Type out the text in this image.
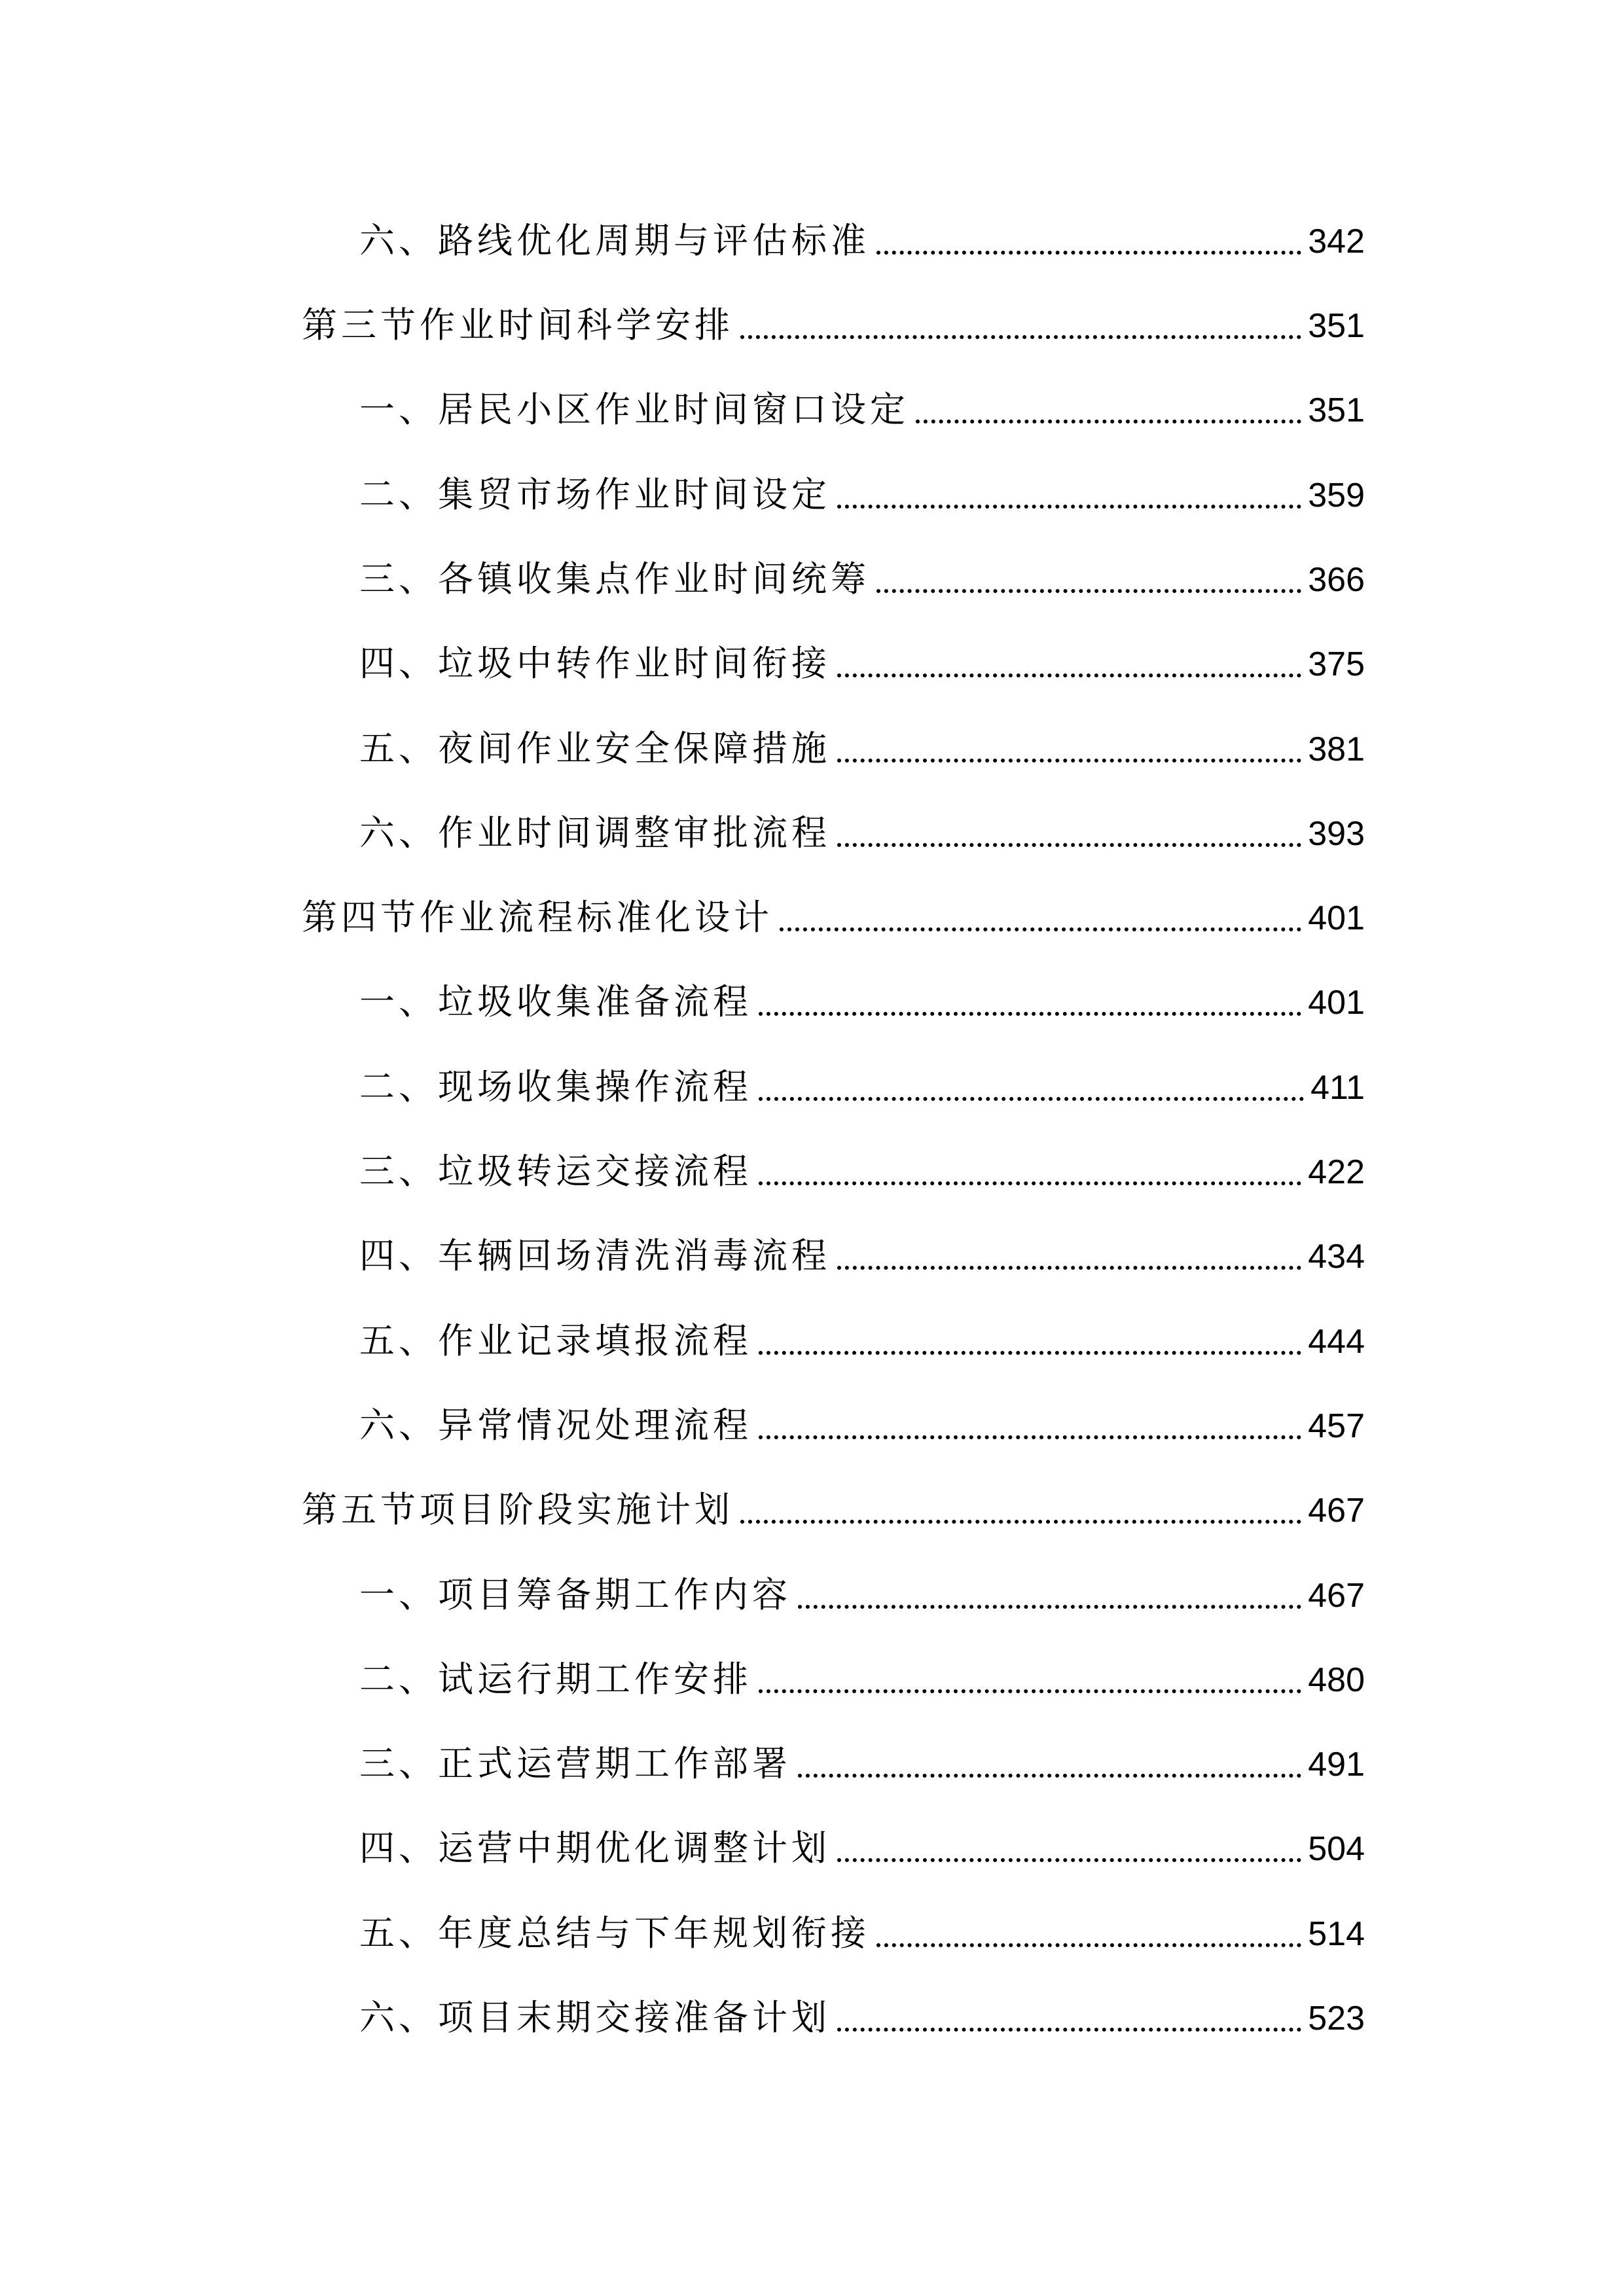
六、路线优化周期与评估标准	342
第三节作业时间科学安排	351
一、居民小区作业时间窗口设定	351
二、集贸市场作业时间设定	359
三、各镇收集点作业时间统筹	366
四、垃圾中转作业时间衔接	375
五、夜间作业安全保障措施	381
六、作业时间调整审批流程	393
第四节作业流程标准化设计	401
一、垃圾收集准备流程	401
二、现场收集操作流程	411
三、垃圾转运交接流程	422
四、车辆回场清洗消毒流程	434
五、作业记录填报流程	444
六、异常情况处理流程	457
第五节项目阶段实施计划	467
一、项目筹备期工作内容	467
二、试运行期工作安排	480
三、正式运营期工作部署	491
四、运营中期优化调整计划	504
五、年度总结与下年规划衔接	514
六、项目末期交接准备计划	523
